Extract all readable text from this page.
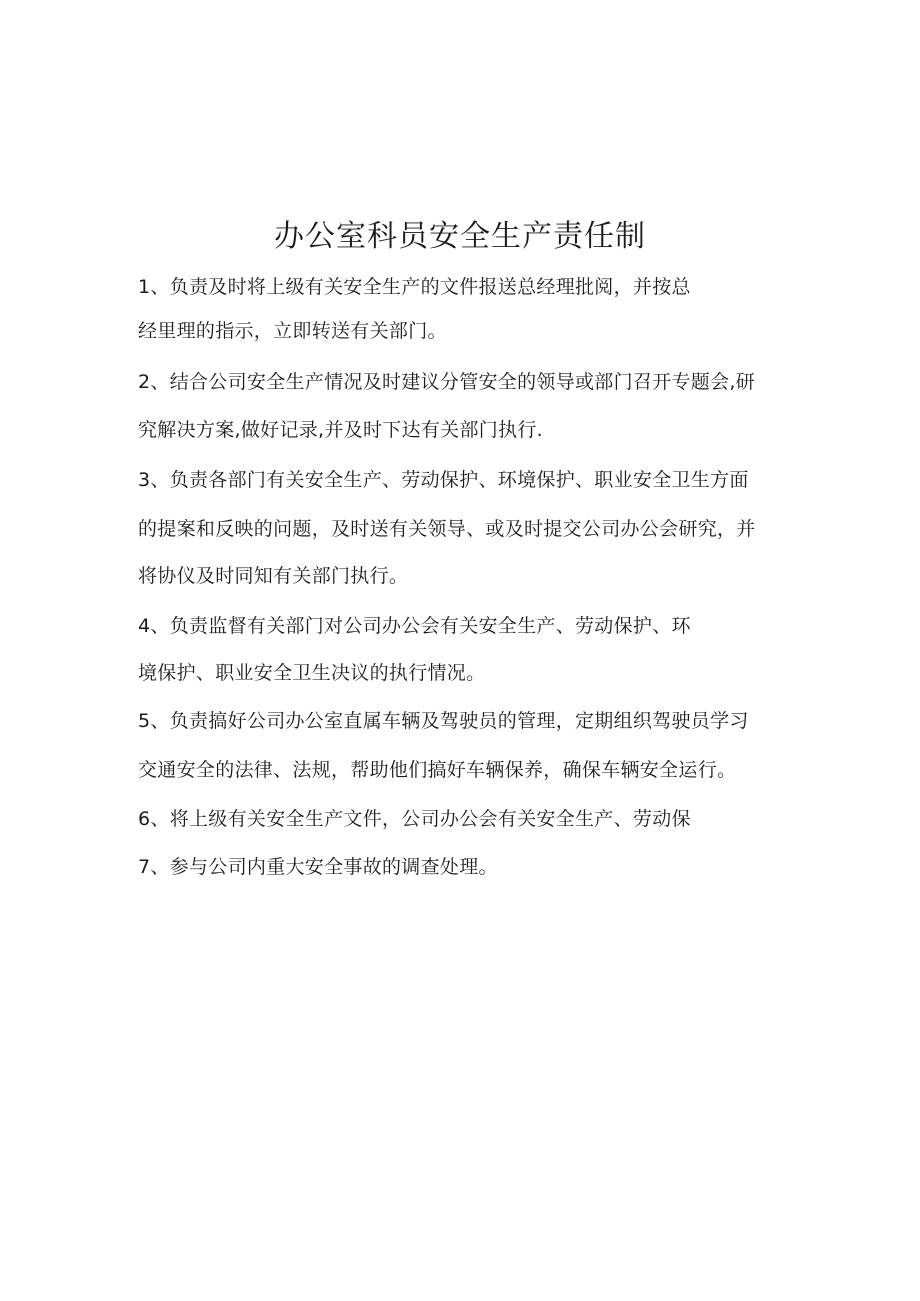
办公室科员安全生产责任制

1、负责及时将上级有关安全生产的文件报送总经理批阅，并按总

经里理的指示，立即转送有关部门。

2、结合公司安全生产情况及时建议分管安全的领导或部门召开专题会,研

究解决方案,做好记录,并及时下达有关部门执行.

3、负责各部门有关安全生产、劳动保护、环境保护、职业安全卫生方面

的提案和反映的问题，及时送有关领导、或及时提交公司办公会研究，并

将协仪及时同知有关部门执行。

4、负责监督有关部门对公司办公会有关安全生产、劳动保护、环

境保护、职业安全卫生决议的执行情况。

5、负责搞好公司办公室直属车辆及驾驶员的管理，定期组织驾驶员学习

交通安全的法律、法规，帮助他们搞好车辆保养，确保车辆安全运行。

6、将上级有关安全生产文件，公司办公会有关安全生产、劳动保

7、参与公司内重大安全事故的调查处理。
